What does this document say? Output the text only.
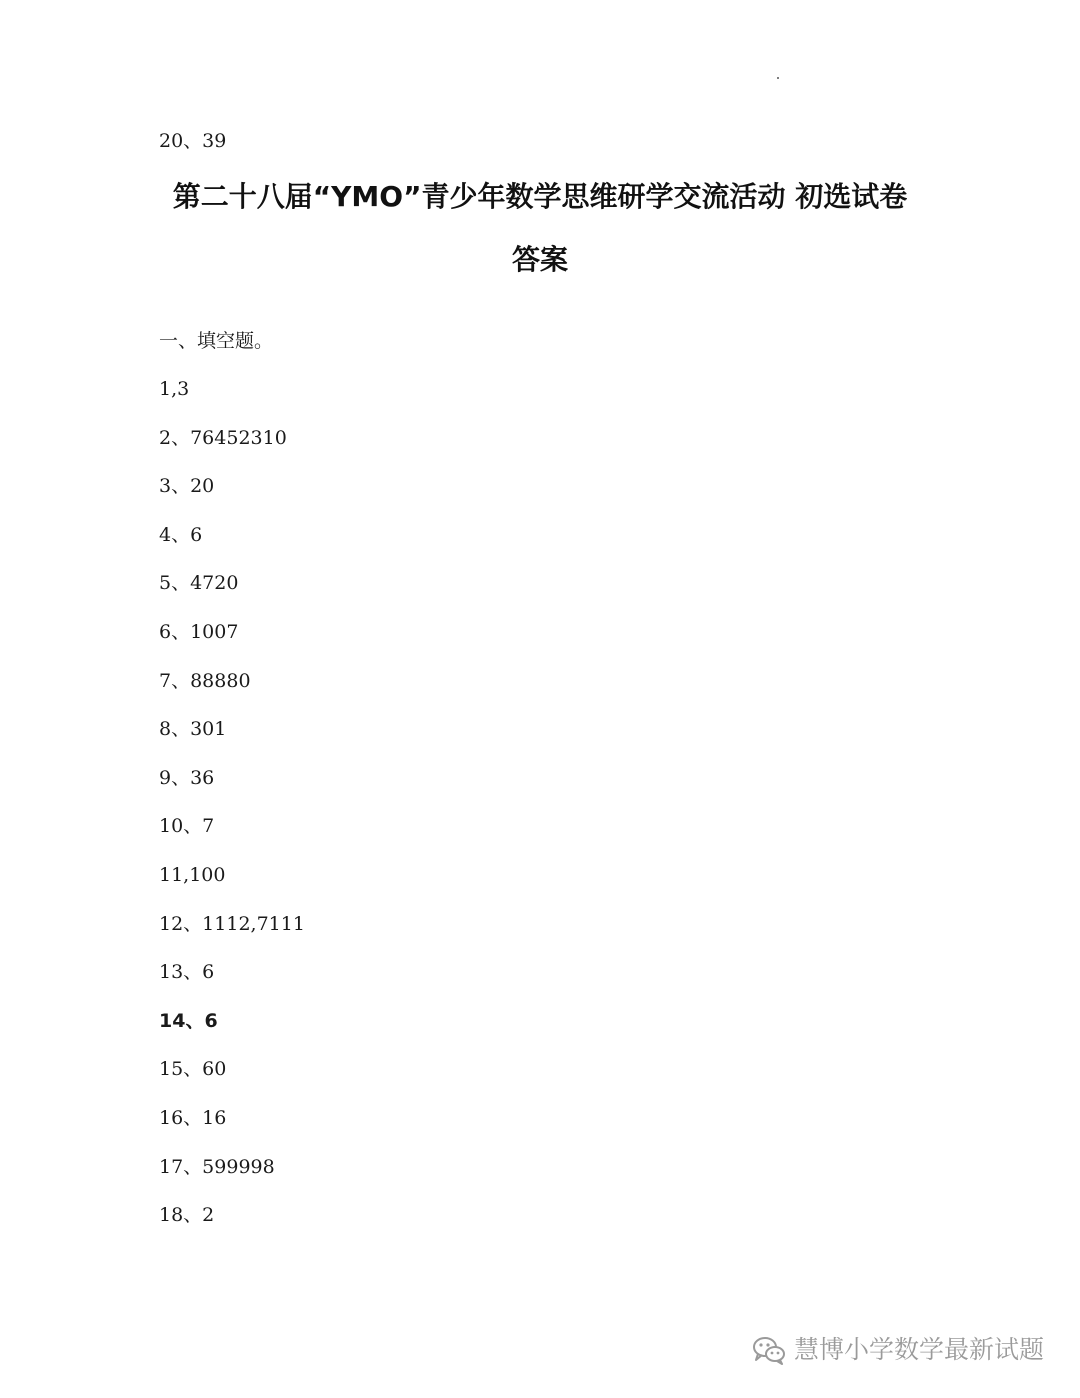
20、39
第二十八届“YMO”青少年数学思维研学交流活动 初选试卷
答案
一、填空题。
1,3
2、76452310
3、20
4、6
5、4720
6、1007
7、88880
8、301
9、36
10、7
11,100
12、1112,7111
13、6
14、6
15、60
16、16
17、599998
18、2
慧博小学数学最新试题
